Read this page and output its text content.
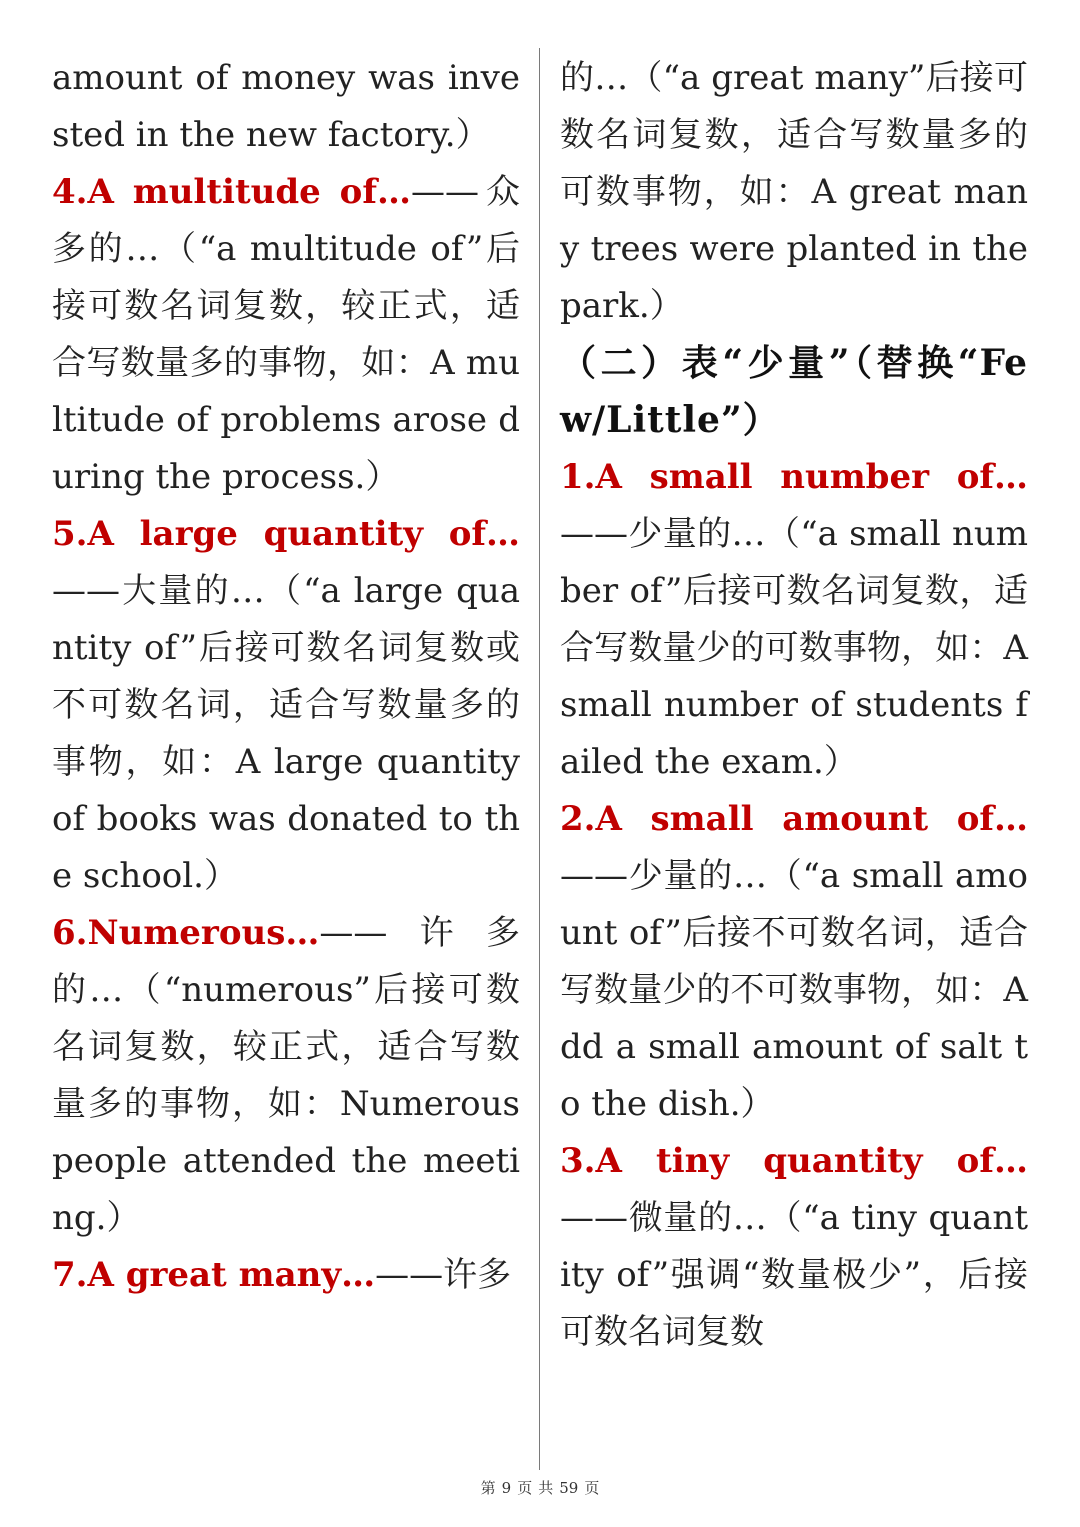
amount of money was invested in the new factory.）

4.A multitude of…——众多的…（“a multitude of”后接可数名词复数，较正式，适合写数量多的事物，如：A multitude of problems arose during the process.）

5.A large quantity of…——大量的…（“a large quantity of”后接可数名词复数或不可数名词，适合写数量多的事物，如：A large quantity of books was donated to the school.）

6.Numerous…——许多的…（“numerous”后接可数名词复数，较正式，适合写数量多的事物，如：Numerous people attended the meeting.）

7.A great many…——许多

的…（“a great many”后接可数名词复数，适合写数量多的可数事物，如：A great many trees were planted in the park.）

（二）表“少量”（替换“Few/Little”）

1.A small number of…——少量的…（“a small number of”后接可数名词复数，适合写数量少的可数事物，如：A small number of students failed the exam.）

2.A small amount of…——少量的…（“a small amount of”后接不可数名词，适合写数量少的不可数事物，如：Add a small amount of salt to the dish.）

3.A tiny quantity of…——微量的…（“a tiny quantity of”强调“数量极少”，后接可数名词复数

第 9 页 共 59 页
